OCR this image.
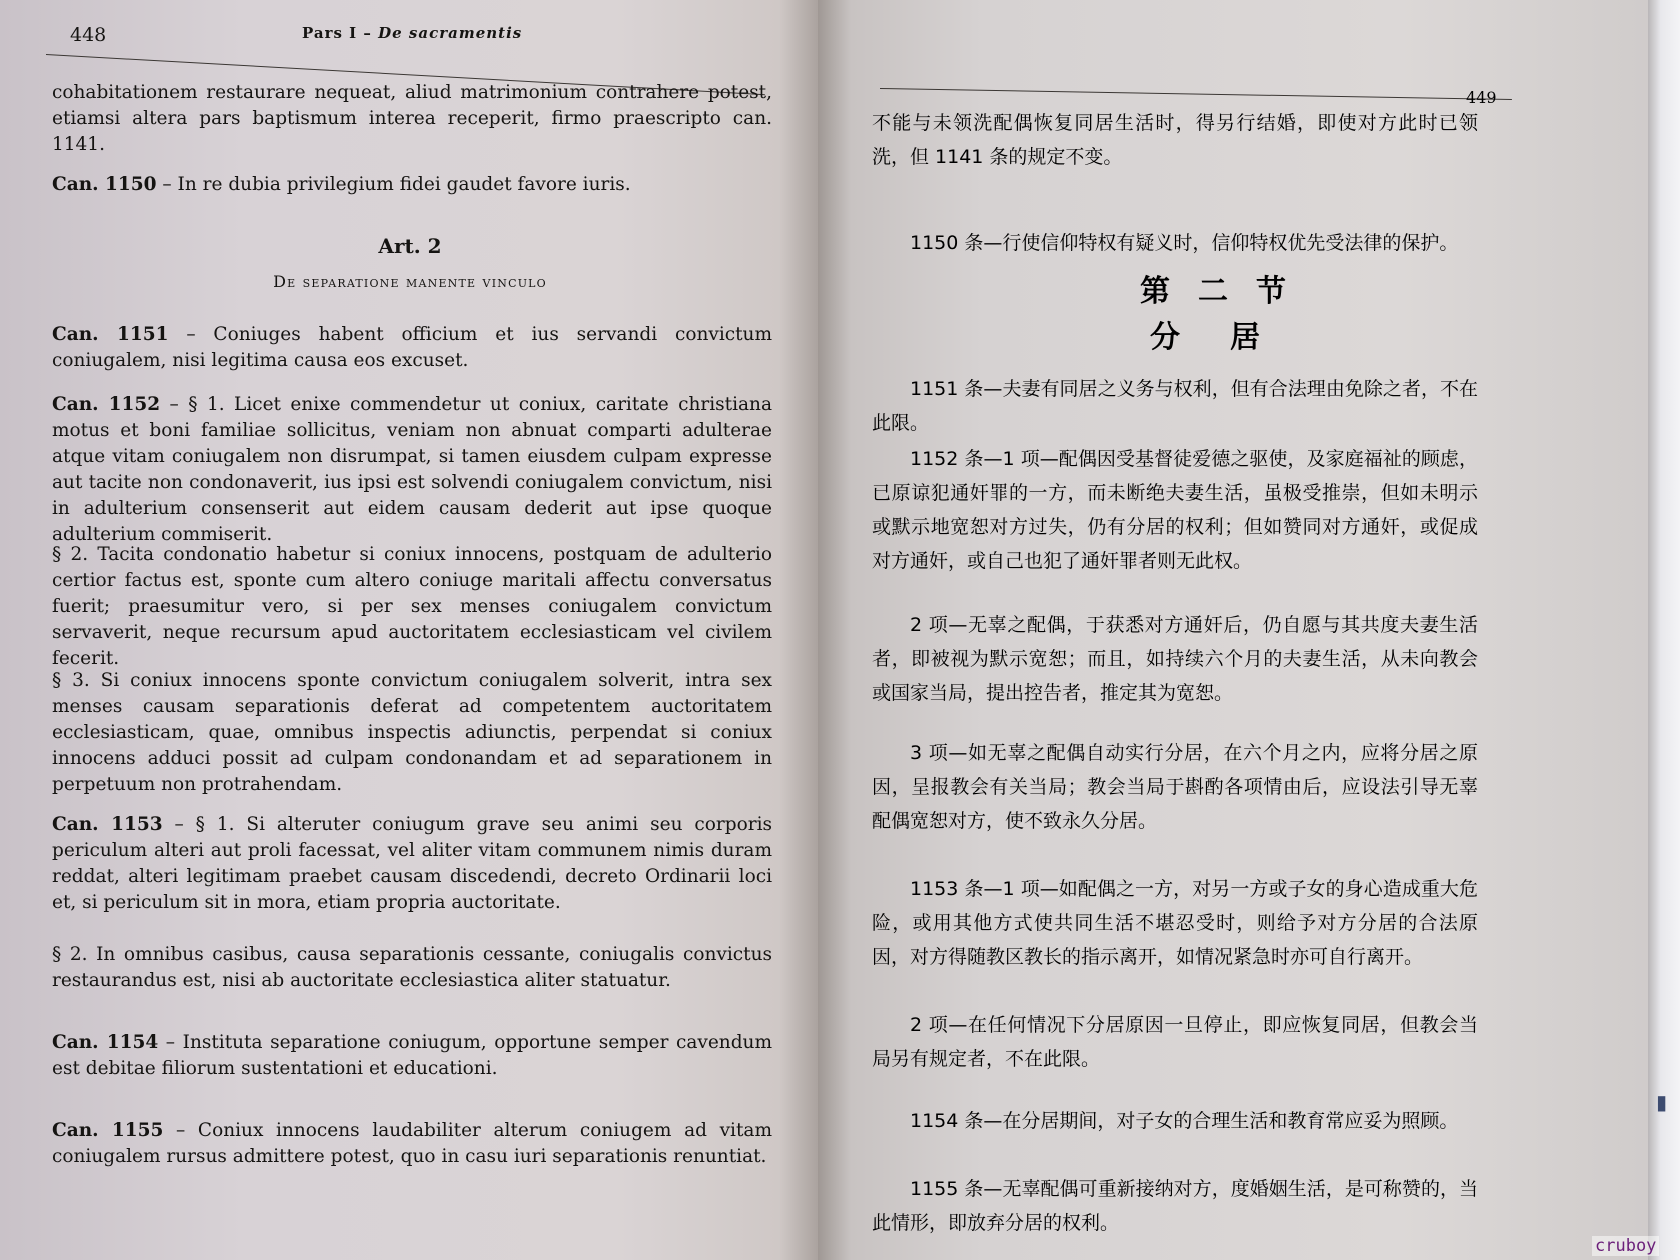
448	Pars I – De sacramentis
cohabitationem restaurare nequeat, aliud matrimonium contrahere potest, etiamsi altera pars baptismum interea receperit, firmo praescripto can. 1141.
Can. 1150 – In re dubia privilegium fidei gaudet favore iuris.
Art. 2
De separatione manente vinculo
Can. 1151 – Coniuges habent officium et ius servandi convictum coniugalem, nisi legitima causa eos excuset.
Can. 1152 – § 1. Licet enixe commendetur ut coniux, caritate christiana motus et boni familiae sollicitus, veniam non abnuat comparti adulterae atque vitam coniugalem non disrumpat, si tamen eiusdem culpam expresse aut tacite non condonaverit, ius ipsi est solvendi coniugalem convictum, nisi in adulterium consenserit aut eidem causam dederit aut ipse quoque adulterium commiserit.
§ 2. Tacita condonatio habetur si coniux innocens, postquam de adulterio certior factus est, sponte cum altero coniuge maritali affectu conversatus fuerit; praesumitur vero, si per sex menses coniugalem convictum servaverit, neque recursum apud auctoritatem ecclesiasticam vel civilem fecerit.
§ 3. Si coniux innocens sponte convictum coniugalem solverit, intra sex menses causam separationis deferat ad competentem auctoritatem ecclesiasticam, quae, omnibus inspectis adiunctis, perpendat si coniux innocens adduci possit ad culpam condonandam et ad separationem in perpetuum non protrahendam.
Can. 1153 – § 1. Si alteruter coniugum grave seu animi seu corporis periculum alteri aut proli facessat, vel aliter vitam communem nimis duram reddat, alteri legitimam praebet causam discedendi, decreto Ordinarii loci et, si periculum sit in mora, etiam propria auctoritate.
§ 2. In omnibus casibus, causa separationis cessante, coniugalis convictus restaurandus est, nisi ab auctoritate ecclesiastica aliter statuatur.
Can. 1154 – Instituta separatione coniugum, opportune semper cavendum est debitae filiorum sustentationi et educationi.
Can. 1155 – Coniux innocens laudabiliter alterum coniugem ad vitam coniugalem rursus admittere potest, quo in casu iuri separationis renuntiat.
449
不能与未领洗配偶恢复同居生活时，得另行结婚，即使对方此时已领洗，但 1141 条的规定不变。
1150 条—行使信仰特权有疑义时，信仰特权优先受法律的保护。
第二节
分居
1151 条—夫妻有同居之义务与权利，但有合法理由免除之者，不在此限。
1152 条—1 项—配偶因受基督徒爱德之驱使，及家庭福祉的顾虑，已原谅犯通奸罪的一方，而未断绝夫妻生活，虽极受推崇，但如未明示或默示地宽恕对方过失，仍有分居的权利；但如赞同对方通奸，或促成对方通奸，或自己也犯了通奸罪者则无此权。
2 项—无辜之配偶，于获悉对方通奸后，仍自愿与其共度夫妻生活者，即被视为默示宽恕；而且，如持续六个月的夫妻生活，从未向教会或国家当局，提出控告者，推定其为宽恕。
3 项—如无辜之配偶自动实行分居，在六个月之内，应将分居之原因，呈报教会有关当局；教会当局于斟酌各项情由后，应设法引导无辜配偶宽恕对方，使不致永久分居。
1153 条—1 项—如配偶之一方，对另一方或子女的身心造成重大危险，或用其他方式使共同生活不堪忍受时，则给予对方分居的合法原因，对方得随教区教长的指示离开，如情况紧急时亦可自行离开。
2 项—在任何情况下分居原因一旦停止，即应恢复同居，但教会当局另有规定者，不在此限。
1154 条—在分居期间，对子女的合理生活和教育常应妥为照顾。
1155 条—无辜配偶可重新接纳对方，度婚姻生活，是可称赞的，当此情形，即放弃分居的权利。
▮
cruboy
